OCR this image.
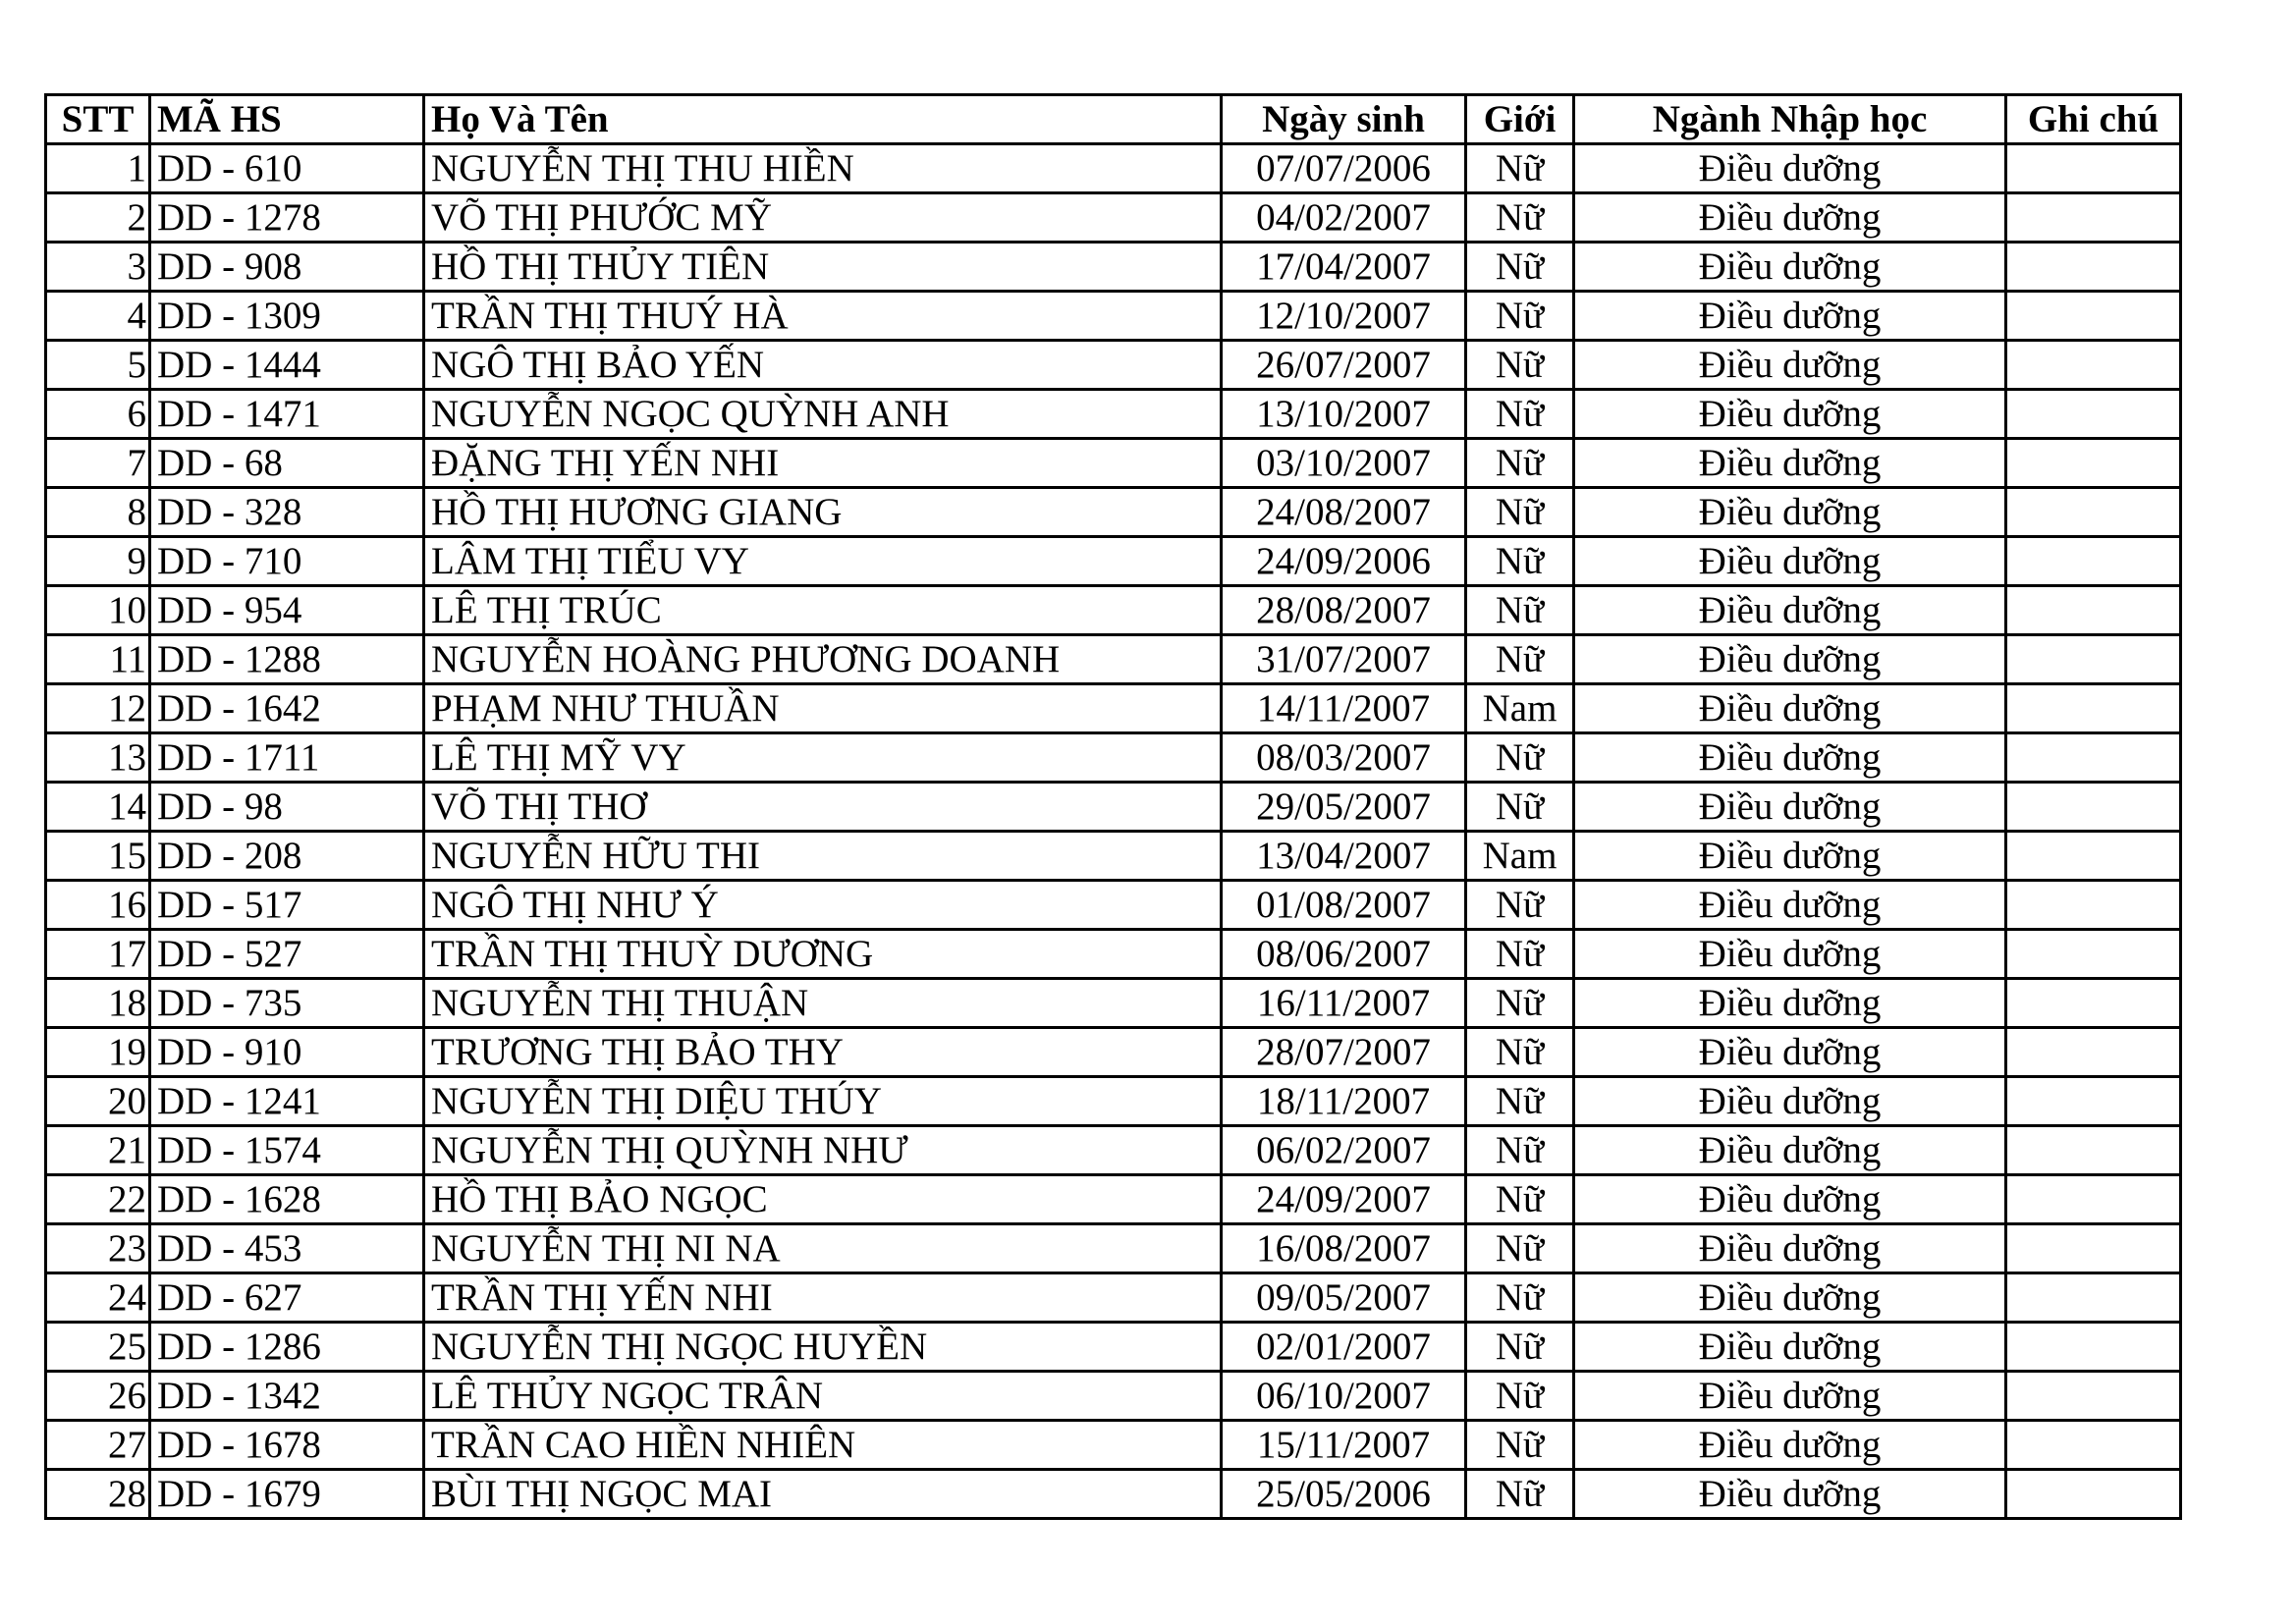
STT	MÃ HS	Họ Và Tên	Ngày sinh	Giới	Ngành Nhập học	Ghi chú
1	DD - 610	NGUYỄN THỊ THU HIỀN	07/07/2006	Nữ	Điều dưỡng	
2	DD - 1278	VÕ THỊ PHƯỚC MỸ	04/02/2007	Nữ	Điều dưỡng	
3	DD - 908	HỒ THỊ THỦY TIÊN	17/04/2007	Nữ	Điều dưỡng	
4	DD - 1309	TRẦN THỊ THUÝ HÀ	12/10/2007	Nữ	Điều dưỡng	
5	DD - 1444	NGÔ THỊ BẢO YẾN	26/07/2007	Nữ	Điều dưỡng	
6	DD - 1471	NGUYỄN NGỌC QUỲNH ANH	13/10/2007	Nữ	Điều dưỡng	
7	DD - 68	ĐẶNG THỊ YẾN NHI	03/10/2007	Nữ	Điều dưỡng	
8	DD - 328	HỒ THỊ HƯƠNG GIANG	24/08/2007	Nữ	Điều dưỡng	
9	DD - 710	LÂM THỊ TIỂU VY	24/09/2006	Nữ	Điều dưỡng	
10	DD - 954	LÊ THỊ TRÚC	28/08/2007	Nữ	Điều dưỡng	
11	DD - 1288	NGUYỄN HOÀNG PHƯƠNG DOANH	31/07/2007	Nữ	Điều dưỡng	
12	DD - 1642	PHẠM NHƯ THUẦN	14/11/2007	Nam	Điều dưỡng	
13	DD - 1711	LÊ THỊ MỸ VY	08/03/2007	Nữ	Điều dưỡng	
14	DD - 98	VÕ THỊ THƠ	29/05/2007	Nữ	Điều dưỡng	
15	DD - 208	NGUYỄN HỮU THI	13/04/2007	Nam	Điều dưỡng	
16	DD - 517	NGÔ THỊ NHƯ Ý	01/08/2007	Nữ	Điều dưỡng	
17	DD - 527	TRẦN THỊ THUỲ DƯƠNG	08/06/2007	Nữ	Điều dưỡng	
18	DD - 735	NGUYỄN THỊ THUẬN	16/11/2007	Nữ	Điều dưỡng	
19	DD - 910	TRƯƠNG THỊ BẢO THY	28/07/2007	Nữ	Điều dưỡng	
20	DD - 1241	NGUYỄN THỊ DIỆU THÚY	18/11/2007	Nữ	Điều dưỡng	
21	DD - 1574	NGUYỄN THỊ QUỲNH NHƯ	06/02/2007	Nữ	Điều dưỡng	
22	DD - 1628	HỒ THỊ BẢO NGỌC	24/09/2007	Nữ	Điều dưỡng	
23	DD - 453	NGUYỄN THỊ NI NA	16/08/2007	Nữ	Điều dưỡng	
24	DD - 627	TRẦN THỊ YẾN NHI	09/05/2007	Nữ	Điều dưỡng	
25	DD - 1286	NGUYỄN THỊ NGỌC HUYỀN	02/01/2007	Nữ	Điều dưỡng	
26	DD - 1342	LÊ THỦY NGỌC TRÂN	06/10/2007	Nữ	Điều dưỡng	
27	DD - 1678	TRẦN CAO HIỀN NHIÊN	15/11/2007	Nữ	Điều dưỡng	
28	DD - 1679	BÙI THỊ NGỌC MAI	25/05/2006	Nữ	Điều dưỡng	
